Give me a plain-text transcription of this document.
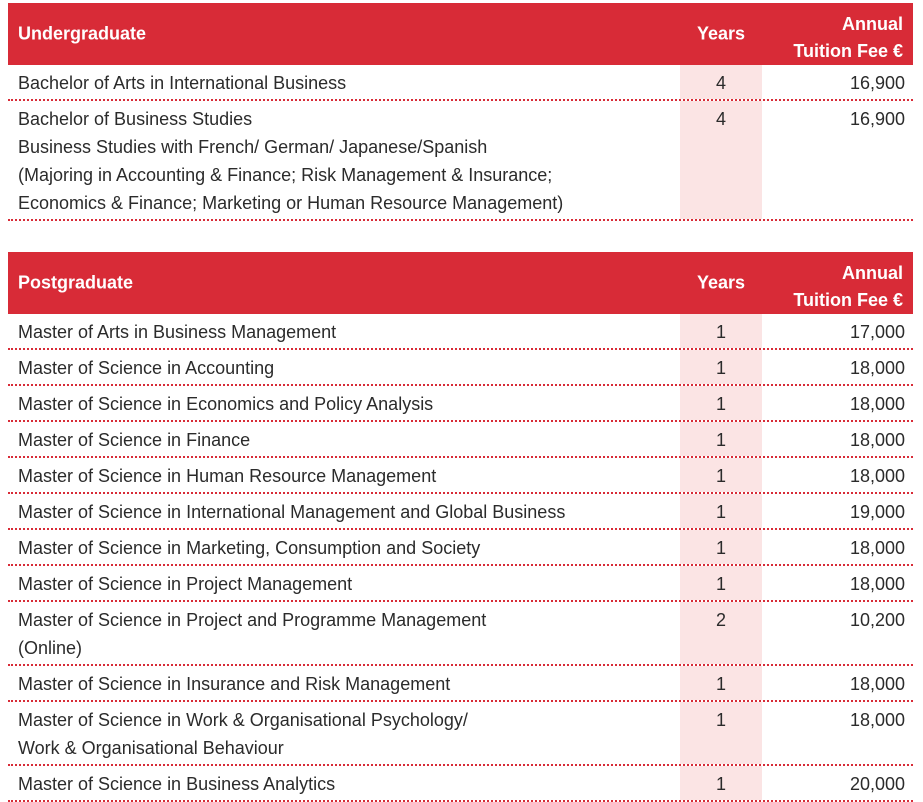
Undergraduate	Years	Annual
Tuition Fee €
Bachelor of Arts in International Business	4	16,900
Bachelor of Business Studies
Business Studies with French/ German/ Japanese/Spanish
(Majoring in Accounting & Finance; Risk Management & Insurance;
Economics & Finance; Marketing or Human Resource Management)
4	16,900
Postgraduate	Years	Annual
Tuition Fee €
Master of Arts in Business Management	1	17,000
Master of Science in Accounting	1	18,000
Master of Science in Economics and Policy Analysis	1	18,000
Master of Science in Finance	1	18,000
Master of Science in Human Resource Management	1	18,000
Master of Science in International Management and Global Business	1	19,000
Master of Science in Marketing, Consumption and Society	1	18,000
Master of Science in Project Management	1	18,000
Master of Science in Project and Programme Management
(Online)
2	10,200
Master of Science in Insurance and Risk Management	1	18,000
Master of Science in Work & Organisational Psychology/
Work & Organisational Behaviour
1	18,000
Master of Science in Business Analytics	1	20,000
